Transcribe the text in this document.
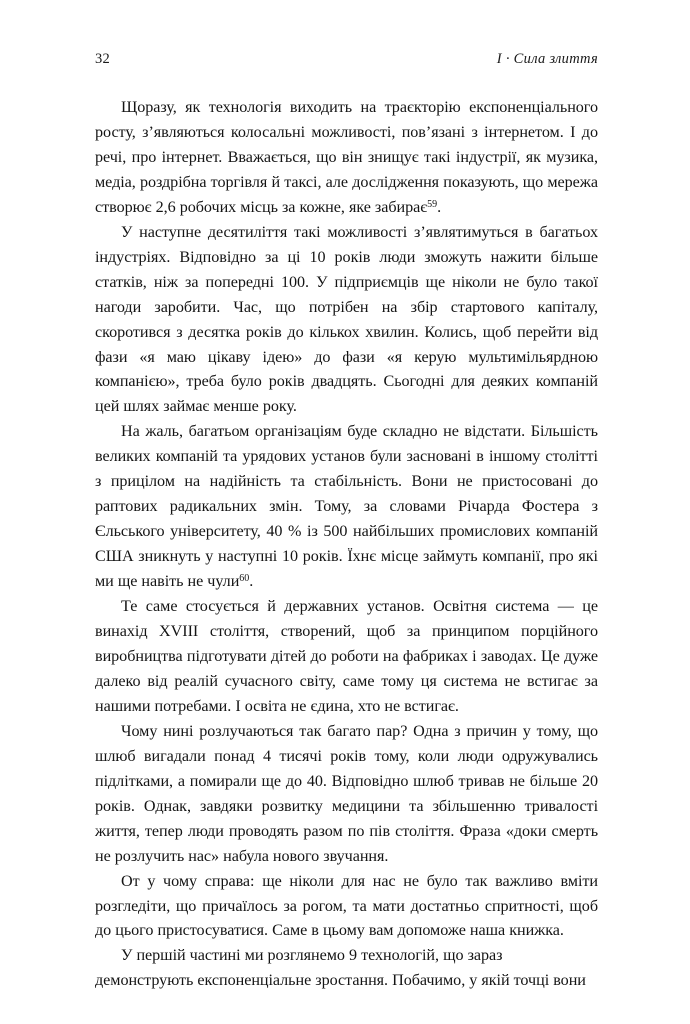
32	I · Сила злиття

Щоразу, як технологія виходить на траєкторію експоненціального росту, з’являються колосальні можливості, пов’язані з інтернетом. І до речі, про інтернет. Вважається, що він знищує такі індустрії, як музика, медіа, роздрібна торгівля й таксі, але дослідження показують, що мережа створює 2,6 робочих місць за кожне, яке забирає$^{59}$.

У наступне десятиліття такі можливості з’являтимуться в багатьох індустріях. Відповідно за ці 10 років люди зможуть нажити більше статків, ніж за попередні 100. У підприємців ще ніколи не було такої нагоди заробити. Час, що потрібен на збір стартового капіталу, скоротився з десятка років до кількох хвилин. Колись, щоб перейти від фази «я маю цікаву ідею» до фази «я керую мультимільярдною компанією», треба було років двадцять. Сьогодні для деяких компаній цей шлях займає менше року.

На жаль, багатьом організаціям буде складно не відстати. Більшість великих компаній та урядових установ були засновані в іншому столітті з прицілом на надійність та стабільність. Вони не пристосовані до раптових радикальних змін. Тому, за словами Річарда Фостера з Єльського університету, 40 % із 500 найбільших промислових компаній США зникнуть у наступні 10 років. Їхнє місце займуть компанії, про які ми ще навіть не чули$^{60}$.

Те саме стосується й державних установ. Освітня система — це винахід XVIII століття, створений, щоб за принципом порційного виробництва підготувати дітей до роботи на фабриках і заводах. Це дуже далеко від реалій сучасного світу, саме тому ця система не встигає за нашими потребами. І освіта не єдина, хто не встигає.

Чому нині розлучаються так багато пар? Одна з причин у тому, що шлюб вигадали понад 4 тисячі років тому, коли люди одружувались підлітками, а помирали ще до 40. Відповідно шлюб тривав не більше 20 років. Однак, завдяки розвитку медицини та збільшенню тривалості життя, тепер люди проводять разом по пів століття. Фраза «доки смерть не розлучить нас» набула нового звучання.

От у чому справа: ще ніколи для нас не було так важливо вміти розгледіти, що причаїлось за рогом, та мати достатньо спритності, щоб до цього пристосуватися. Саме в цьому вам допоможе наша книжка.

У першій частині ми розглянемо 9 технологій, що зараз демонструють експоненціальне зростання. Побачимо, у якій точці вони
